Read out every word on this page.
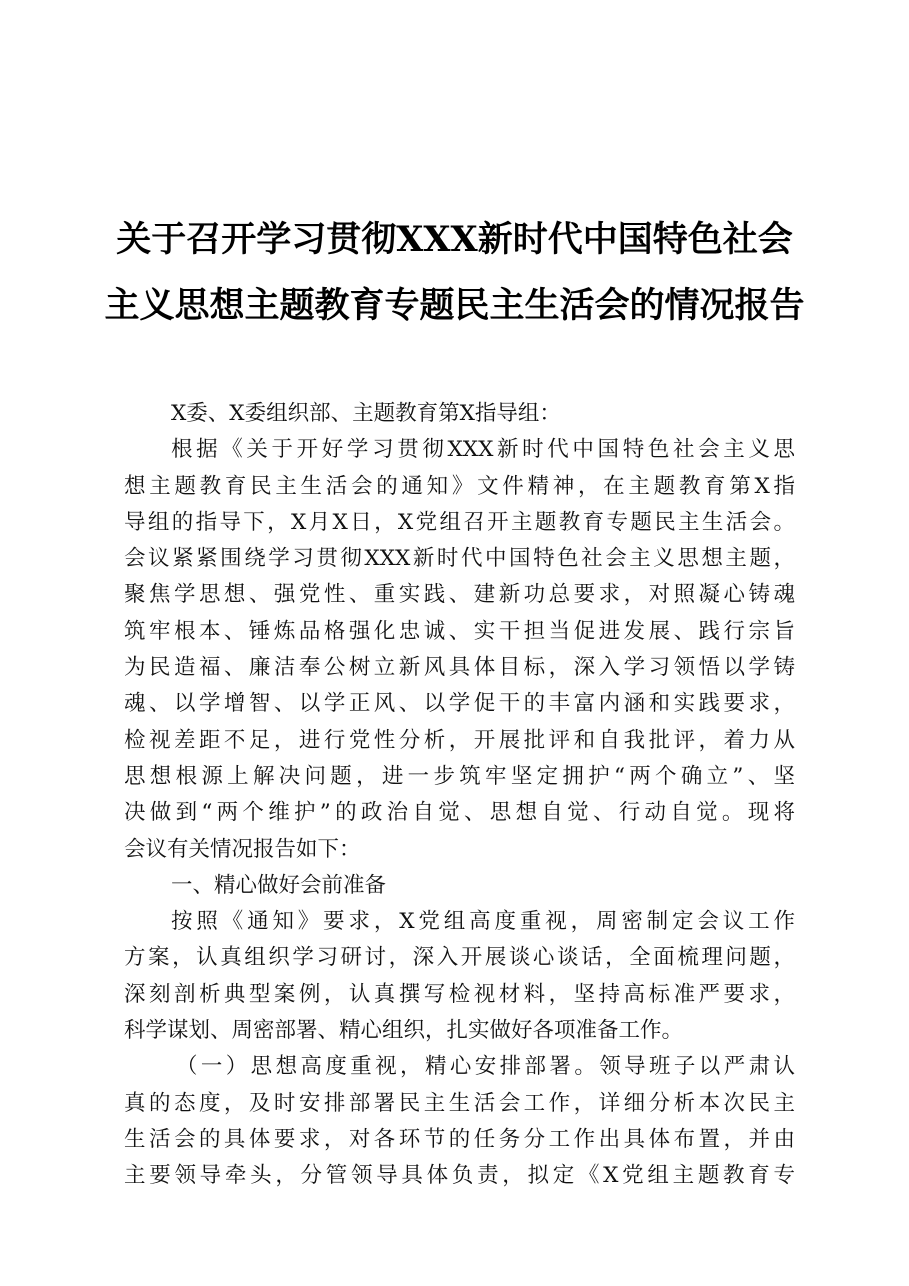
关于召开学习贯彻XXX新时代中国特色社会
主义思想主题教育专题民主生活会的情况报告
X委、X委组织部、主题教育第X指导组：
根据《关于开好学习贯彻XXX新时代中国特色社会主义思
想主题教育民主生活会的通知》文件精神，在主题教育第X指
导组的指导下，X月X日，X党组召开主题教育专题民主生活会。
会议紧紧围绕学习贯彻XXX新时代中国特色社会主义思想主题，
聚焦学思想、强党性、重实践、建新功总要求，对照凝心铸魂
筑牢根本、锤炼品格强化忠诚、实干担当促进发展、践行宗旨
为民造福、廉洁奉公树立新风具体目标，深入学习领悟以学铸
魂、以学增智、以学正风、以学促干的丰富内涵和实践要求，
检视差距不足，进行党性分析，开展批评和自我批评，着力从
思想根源上解决问题，进一步筑牢坚定拥护“两个确立”、坚
决做到“两个维护”的政治自觉、思想自觉、行动自觉。现将
会议有关情况报告如下：
一、精心做好会前准备
按照《通知》要求，X党组高度重视，周密制定会议工作
方案，认真组织学习研讨，深入开展谈心谈话，全面梳理问题，
深刻剖析典型案例，认真撰写检视材料，坚持高标准严要求，
科学谋划、周密部署、精心组织，扎实做好各项准备工作。
（一）思想高度重视，精心安排部署。领导班子以严肃认
真的态度，及时安排部署民主生活会工作，详细分析本次民主
生活会的具体要求，对各环节的任务分工作出具体布置，并由
主要领导牵头，分管领导具体负责，拟定《X党组主题教育专
